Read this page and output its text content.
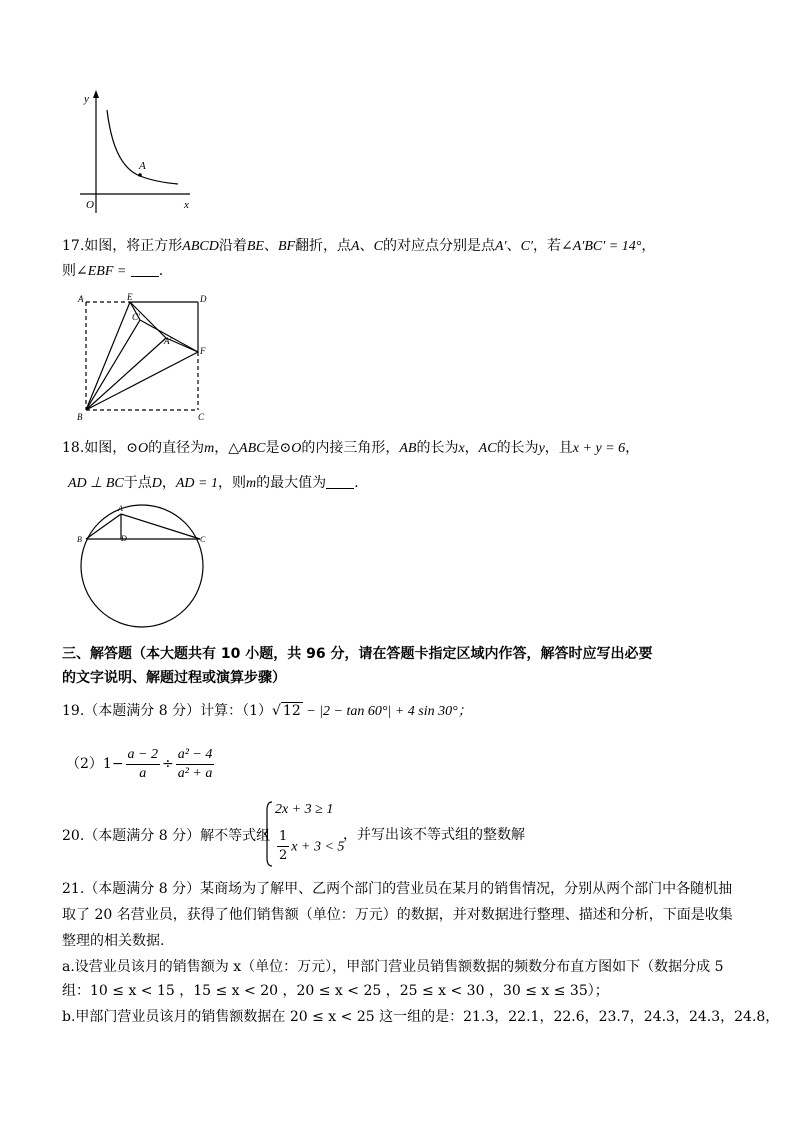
y
x
O
A
17.如图，将正方形ABCD沿着BE、BF翻折，点A、C的对应点分别是点A′、C′，若∠A′BC′ = 14°，
则∠EBF = .
A	E	D
C′
A′
F
B	C
18.如图，⊙O的直径为m，△ABC是⊙O的内接三角形，AB的长为x，AC的长为y，且x + y = 6，
AD ⊥ BC于点D，AD = 1，则m的最大值为 .
A
B	D	C
三、解答题（本大题共有 10 小题，共 96 分，请在答题卡指定区域内作答，解答时应写出必要
的文字说明、解题过程或演算步骤）
19.（本题满分 8 分）计算：（1）√ 12 − |2 − tan 60°| + 4 sin 30°；
$(2)1- \frac{a - 2}{a} \div \frac{\text{a² − 4}}{\text{a² + a}}$
20.（本题满分 8 分）解不等式组
2x + 3 ≥ 1
$\frac{1}{2}$ x + 3 < 5
，并写出该不等式组的整数解
21.（本题满分 8 分）某商场为了解甲、乙两个部门的营业员在某月的销售情况，分别从两个部门中各随机抽
取了 20 名营业员，获得了他们销售额（单位：万元）的数据，并对数据进行整理、描述和分析，下面是收集
整理的相关数据.
a.设营业员该月的销售额为 x（单位：万元），甲部门营业员销售额数据的频数分布直方图如下（数据分成 5
组：10 ≤ x < 15 ，15 ≤ x < 20 ，20 ≤ x < 25 ，25 ≤ x < 30 ，30 ≤ x ≤ 35）；
b.甲部门营业员该月的销售额数据在 20 ≤ x < 25 这一组的是：21.3，22.1，22.6，23.7，24.3，24.3，24.8，
